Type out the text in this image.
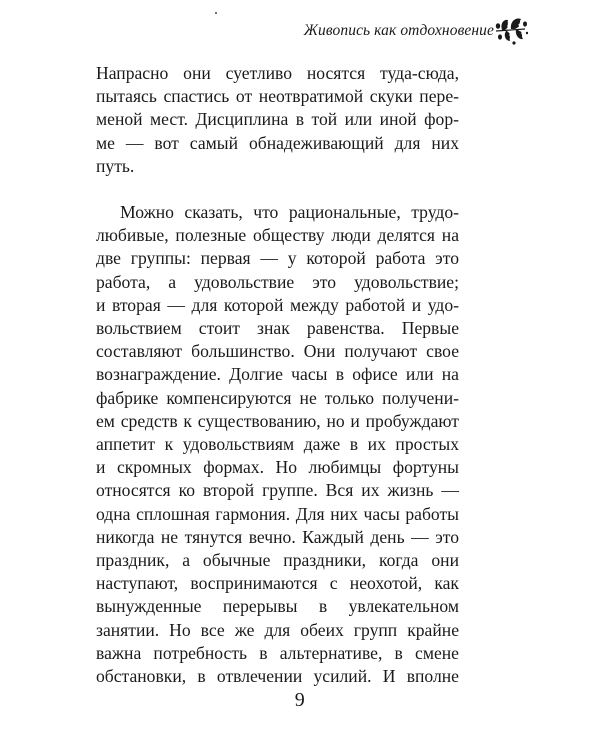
Живопись как отдохновение
Напрасно они суетливо носятся туда-сюда,
пытаясь спастись от неотвратимой скуки пере-
меной мест. Дисциплина в той или иной фор-
ме — вот самый обнадеживающий для них
путь.
Можно сказать, что рациональные, трудо-
любивые, полезные обществу люди делятся на
две группы: первая — у которой работа это
работа, а удовольствие это удовольствие;
и вторая — для которой между работой и удо-
вольствием стоит знак равенства. Первые
составляют большинство. Они получают свое
вознаграждение. Долгие часы в офисе или на
фабрике компенсируются не только получени-
ем средств к существованию, но и пробуждают
аппетит к удовольствиям даже в их простых
и скромных формах. Но любимцы фортуны
относятся ко второй группе. Вся их жизнь —
одна сплошная гармония. Для них часы работы
никогда не тянутся вечно. Каждый день — это
праздник, а обычные праздники, когда они
наступают, воспринимаются с неохотой, как
вынужденные перерывы в увлекательном
занятии. Но все же для обеих групп крайне
важна потребность в альтернативе, в смене
обстановки, в отвлечении усилий. И вполне
9
